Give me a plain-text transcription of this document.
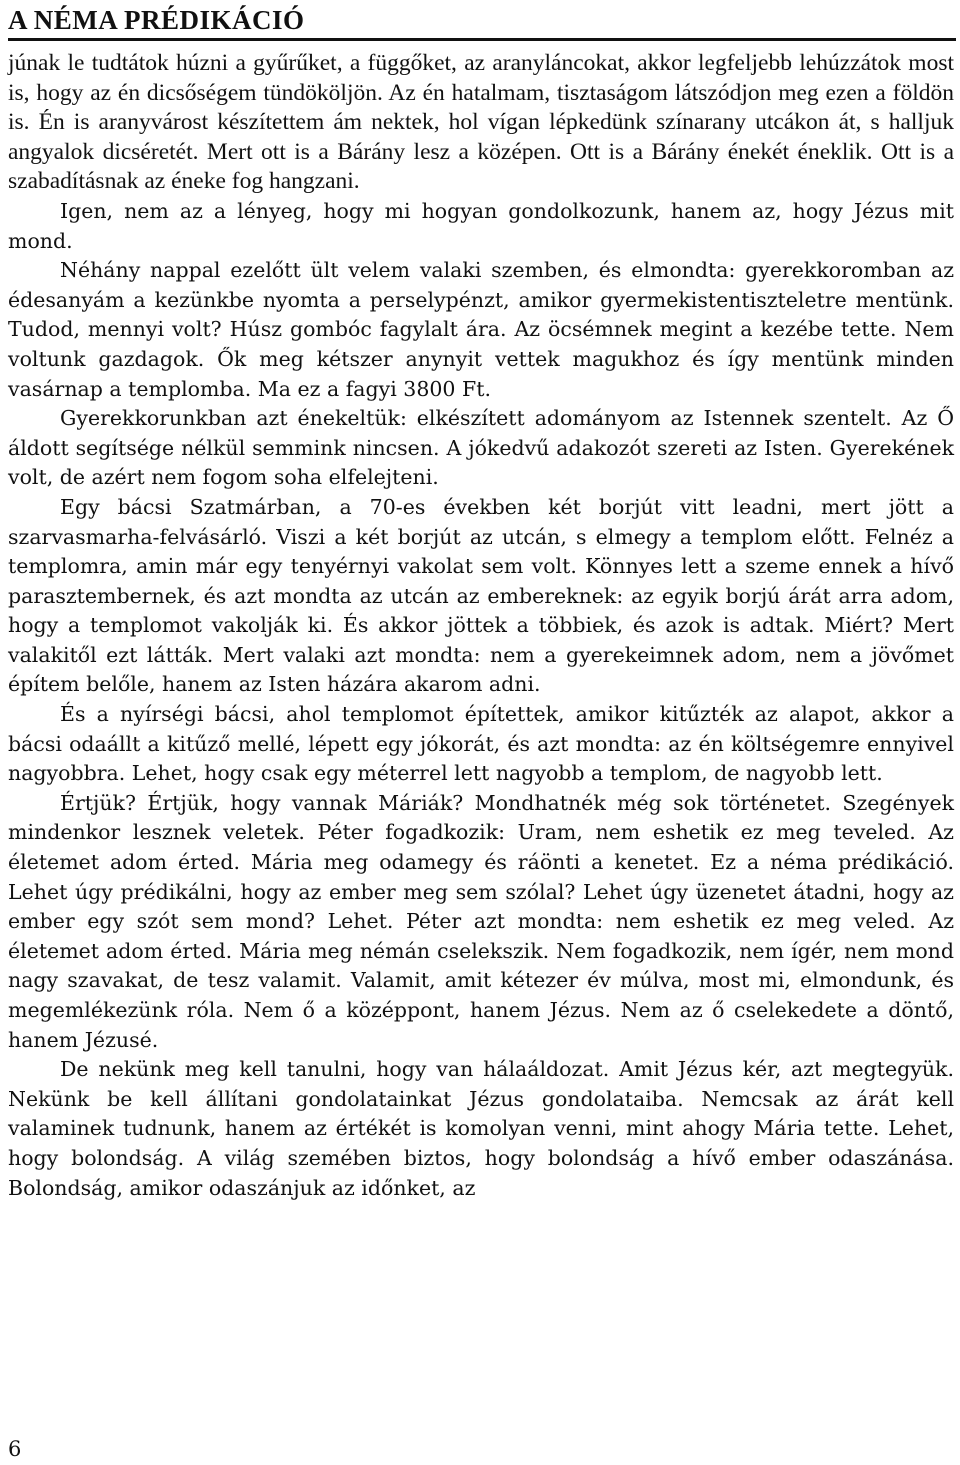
A NÉMA PRÉDIKÁCIÓ

júnak le tudtátok húzni a gyűrűket, a függőket, az aranyláncokat, akkor legfeljebb lehúzzátok most is, hogy az én dicsőségem tündököljön. Az én hatalmam, tisztaságom látszódjon meg ezen a földön is. Én is aranyvárost készítettem ám nektek, hol vígan lépkedünk színarany utcákon át, s halljuk angyalok dicséretét. Mert ott is a Bárány lesz a középen. Ott is a Bárány énekét éneklik. Ott is a szabadításnak az éneke fog hangzani.

Igen, nem az a lényeg, hogy mi hogyan gondolkozunk, hanem az, hogy Jézus mit mond.

Néhány nappal ezelőtt ült velem valaki szemben, és elmondta: gyerekkoromban az édesanyám a kezünkbe nyomta a perselypénzt, amikor gyermekistentiszteletre mentünk. Tudod, mennyi volt? Húsz gombóc fagylalt ára. Az öcsémnek megint a kezébe tette. Nem voltunk gazdagok. Ők meg kétszer anynyit vettek magukhoz és így mentünk minden vasárnap a templomba. Ma ez a fagyi 3800 Ft.

Gyerekkorunkban azt énekeltük: elkészített adományom az Istennek szentelt. Az Ő áldott segítsége nélkül semmink nincsen. A jókedvű adakozót szereti az Isten. Gyerekének volt, de azért nem fogom soha elfelejteni.

Egy bácsi Szatmárban, a 70-es években két borjút vitt leadni, mert jött a szarvasmarha-felvásárló. Viszi a két borjút az utcán, s elmegy a templom előtt. Felnéz a templomra, amin már egy tenyérnyi vakolat sem volt. Könnyes lett a szeme ennek a hívő parasztembernek, és azt mondta az utcán az embereknek: az egyik borjú árát arra adom, hogy a templomot vakolják ki. És akkor jöttek a többiek, és azok is adtak. Miért? Mert valakitől ezt látták. Mert valaki azt mondta: nem a gyerekeimnek adom, nem a jövőmet építem belőle, hanem az Isten házára akarom adni.

És a nyírségi bácsi, ahol templomot építettek, amikor kitűzték az alapot, akkor a bácsi odaállt a kitűző mellé, lépett egy jókorát, és azt mondta: az én költségemre ennyivel nagyobbra. Lehet, hogy csak egy méterrel lett nagyobb a templom, de nagyobb lett.

Értjük? Értjük, hogy vannak Máriák? Mondhatnék még sok történetet. Szegények mindenkor lesznek veletek. Péter fogadkozik: Uram, nem eshetik ez meg teveled. Az életemet adom érted. Mária meg odamegy és ráönti a kenetet. Ez a néma prédikáció. Lehet úgy prédikálni, hogy az ember meg sem szólal? Lehet úgy üzenetet átadni, hogy az ember egy szót sem mond? Lehet. Péter azt mondta: nem eshetik ez meg veled. Az életemet adom érted. Mária meg némán cselekszik. Nem fogadkozik, nem ígér, nem mond nagy szavakat, de tesz valamit. Valamit, amit kétezer év múlva, most mi, elmondunk, és megemlékezünk róla. Nem ő a középpont, hanem Jézus. Nem az ő cselekedete a döntő, hanem Jézusé.

De nekünk meg kell tanulni, hogy van hálaáldozat. Amit Jézus kér, azt megtegyük. Nekünk be kell állítani gondolatainkat Jézus gondolataiba. Nemcsak az árát kell valaminek tudnunk, hanem az értékét is komolyan venni, mint ahogy Mária tette. Lehet, hogy bolondság. A világ szemében biztos, hogy bolondság a hívő ember odaszánása. Bolondság, amikor odaszánjuk az időnket, az

6
